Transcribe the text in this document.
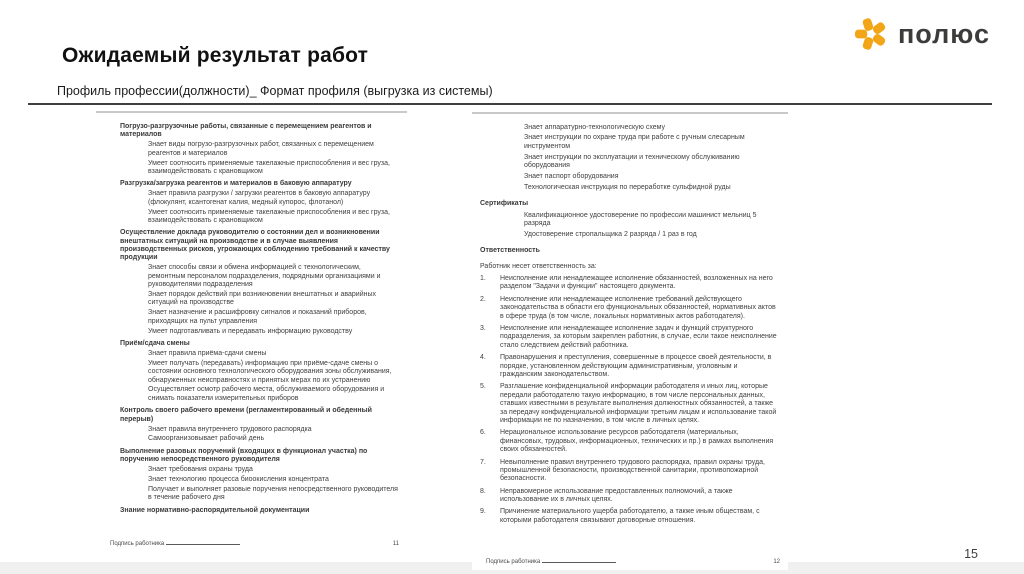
Ожидаемый результат работ
Профиль профессии(должности)_ Формат профиля (выгрузка из системы)
полюс
Погрузо-разгрузочные работы, связанные с перемещением реагентов и материалов
Знает виды погрузо-разгрузочных работ, связанных с перемещением реагентов и материалов
Умеет соотносить применяемые такелажные приспособления и вес груза, взаимодействовать с крановщиком
Разгрузка/загрузка реагентов и материалов в баковую аппаратуру
Знает правила разгрузки / загрузки реагентов в баковую аппаратуру (флокулянт, ксантогенат калия, медный купорос, флотанол)
Умеет соотносить применяемые такелажные приспособления и вес груза, взаимодействовать с крановщиком
Осуществление доклада руководителю о состоянии дел и возникновении внештатных ситуаций на производстве и в случае выявления производственных рисков, угрожающих соблюдению требований к качеству продукции
Знает способы связи и обмена информацией с технологическим, ремонтным персоналом подразделения, подрядными организациями и руководителями подразделения
Знает порядок действий при возникновении внештатных и аварийных ситуаций на производстве
Знает назначение и расшифровку сигналов и показаний приборов, приходящих на пульт управления
Умеет подготавливать и передавать информацию руководству
Приём/сдача смены
Знает правила приёма-сдачи смены
Умеет получать (передавать) информацию при приёме-сдаче смены о состоянии основного технологического оборудования зоны обслуживания, обнаруженных неисправностях и принятых мерах по их устранению
Осуществляет осмотр рабочего места, обслуживаемого оборудования и снимать показатели измерительных приборов
Контроль своего рабочего времени (регламентированный и обеденный перерыв)
Знает правила внутреннего трудового распорядка
Самоорганизовывает рабочий день
Выполнение разовых поручений (входящих в функционал участка) по поручению непосредственного руководителя
Знает требования охраны труда
Знает технологию процесса биоокисления концентрата
Получает и выполняет разовые поручения непосредственного руководителя в течение рабочего дня
Знание нормативно-распорядительной документации
Подпись работника	11
Знает аппаратурно-технологическую схему
Знает инструкции по охране труда при работе с ручным слесарным инструментом
Знает инструкции по эксплуатации и техническому обслуживанию оборудования
Знает паспорт оборудования
Технологическая инструкция по переработке сульфидной руды
Сертификаты
Квалификационное удостоверение по профессии машинист мельниц 5 разряда
Удостоверение стропальщика 2 разряда / 1 раз в год
Ответственность
Работник несет ответственность за:
1.	Неисполнение или ненадлежащее исполнение обязанностей, возложенных на него разделом "Задачи и функции" настоящего документа.
2.	Неисполнение или ненадлежащее исполнение требований действующего законодательства в области его функциональных обязанностей, нормативных актов в сфере труда (в том числе, локальных нормативных актов работодателя).
3.	Неисполнение или ненадлежащее исполнение задач и функций структурного подразделения, за которым закреплен работник, в случае, если такое неисполнение стало следствием действий работника.
4.	Правонарушения и преступления, совершенные в процессе своей деятельности, в порядке, установленном действующим административным, уголовным и гражданским законодательством.
5.	Разглашение конфиденциальной информации работодателя и иных лиц, которые передали работодателю такую информацию, в том числе персональных данных, ставших известными в результате выполнения должностных обязанностей, а также за передачу конфиденциальной информации третьим лицам и использование такой информации не по назначению, в том числе в личных целях.
6.	Нерациональное использование ресурсов работодателя (материальных, финансовых, трудовых, информационных, технических и пр.) в рамках выполнения своих обязанностей.
7.	Невыполнение правил внутреннего трудового распорядка, правил охраны труда, промышленной безопасности, производственной санитарии, противопожарной безопасности.
8.	Неправомерное использование предоставленных полномочий, а также использование их в личных целях.
9.	Причинение материального ущерба работодателю, а также иным обществам, с которыми работодателя связывают договорные отношения.
Подпись работника	12
15
